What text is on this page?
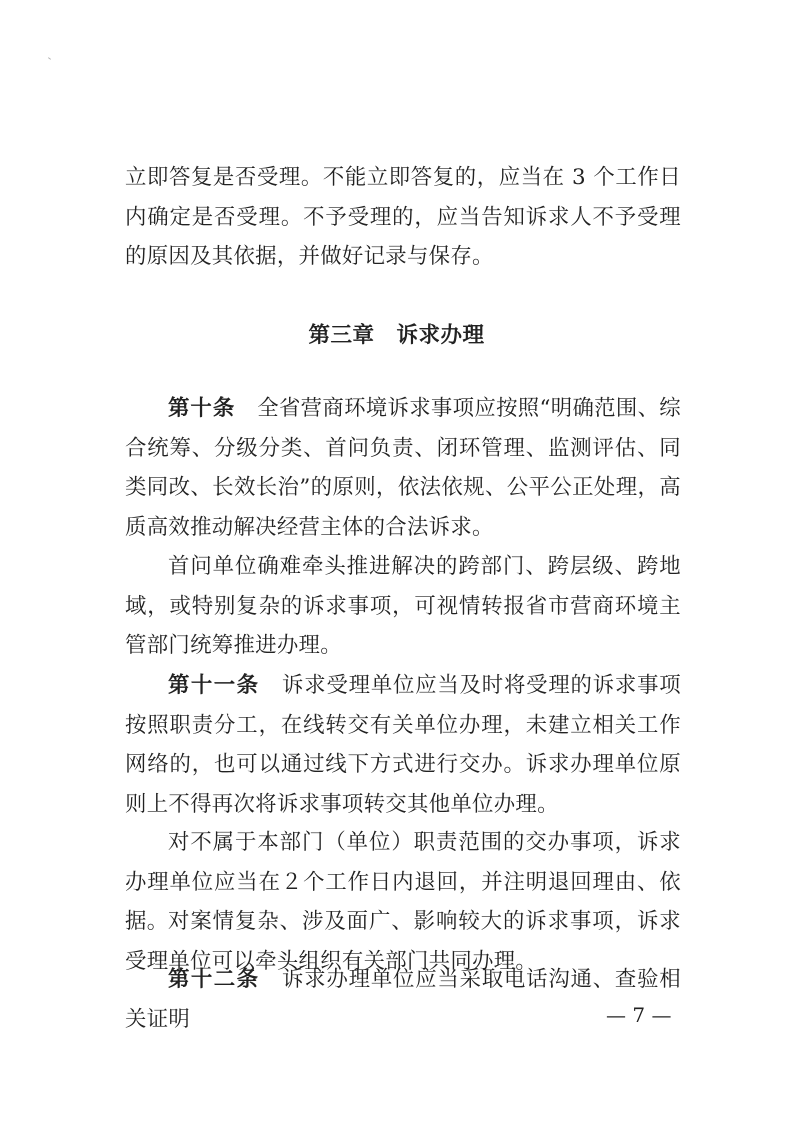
立即答复是否受理。不能立即答复的，应当在 3 个工作日内确定是否受理。不予受理的，应当告知诉求人不予受理的原因及其依据，并做好记录与保存。
第三章 诉求办理
第十条 全省营商环境诉求事项应按照“明确范围、综合统筹、分级分类、首问负责、闭环管理、监测评估、同类同改、长效长治”的原则，依法依规、公平公正处理，高质高效推动解决经营主体的合法诉求。
首问单位确难牵头推进解决的跨部门、跨层级、跨地域，或特别复杂的诉求事项，可视情转报省市营商环境主管部门统筹推进办理。
第十一条 诉求受理单位应当及时将受理的诉求事项按照职责分工，在线转交有关单位办理，未建立相关工作网络的，也可以通过线下方式进行交办。诉求办理单位原则上不得再次将诉求事项转交其他单位办理。
对不属于本部门（单位）职责范围的交办事项，诉求办理单位应当在２个工作日内退回，并注明退回理由、依据。 对案情复杂、涉及面广、影响较大的诉求事项，诉求受理单位可以牵头组织有关部门共同办理。
第十二条 诉求办理单位应当采取电话沟通、查验相关证明	— 7 —
